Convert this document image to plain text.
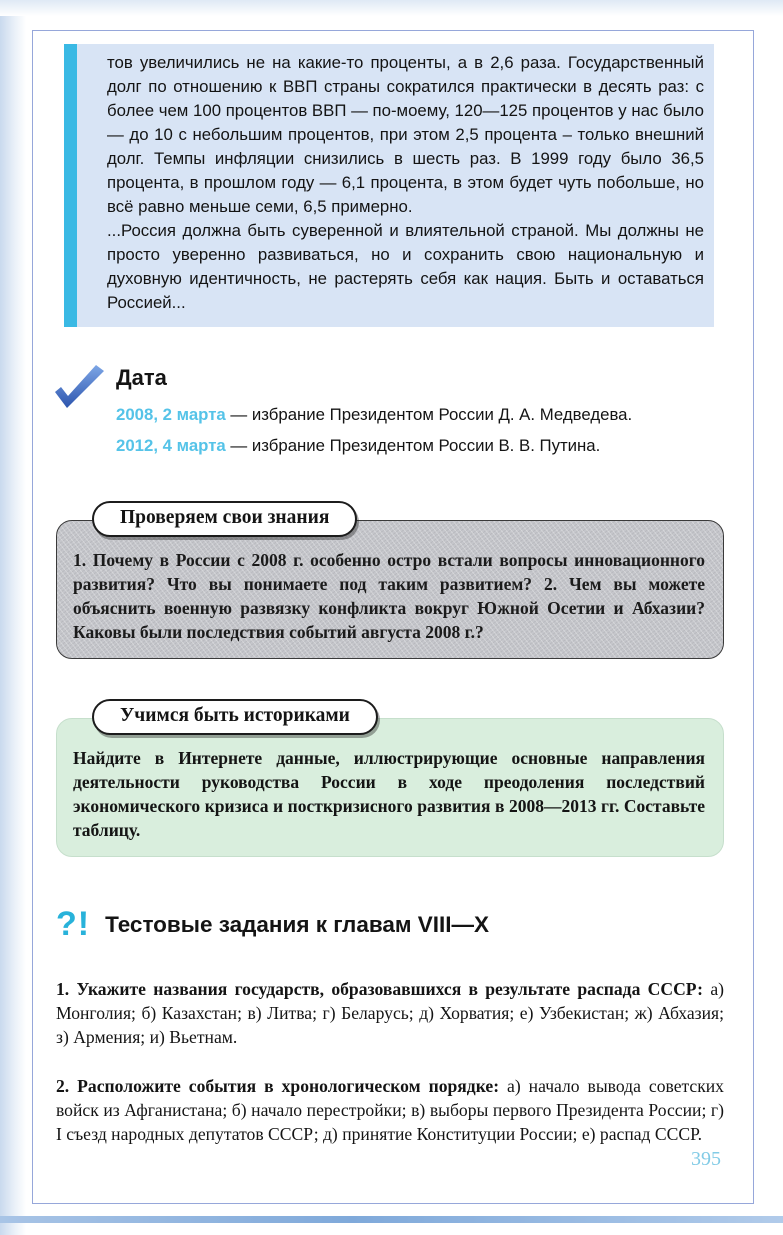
тов увеличились не на какие-то проценты, а в 2,6 раза. Государственный долг по отношению к ВВП страны сократился практически в десять раз: с более чем 100 процентов ВВП — по-моему, 120—125 процентов у нас было — до 10 с небольшим процентов, при этом 2,5 процента – только внешний долг. Темпы инфляции снизились в шесть раз. В 1999 году было 36,5 процента, в прошлом году — 6,1 процента, в этом будет чуть побольше, но всё равно меньше семи, 6,5 примерно.

...Россия должна быть суверенной и влиятельной страной. Мы должны не просто уверенно развиваться, но и сохранить свою национальную и духовную идентичность, не растерять себя как нация. Быть и оставаться Россией...

Дата

2008, 2 марта — избрание Президентом России Д. А. Медведева.

2012, 4 марта — избрание Президентом России В. В. Путина.

Проверяем свои знания
1. Почему в России с 2008 г. особенно остро встали вопросы инновационного развития? Что вы понимаете под таким развитием? 2. Чем вы можете объяснить военную развязку конфликта вокруг Южной Осетии и Абхазии? Каковы были последствия событий августа 2008 г.?
Учимся быть историками
Найдите в Интернете данные, иллюстрирующие основные направления деятельности руководства России в ходе преодоления последствий экономического кризиса и посткризисного развития в 2008—2013 гг. Составьте таблицу.
?! Тестовые задания к главам VIII—X

1. Укажите названия государств, образовавшихся в результате распада СССР: а) Монголия; б) Казахстан; в) Литва; г) Беларусь; д) Хорватия; е) Узбекистан; ж) Абхазия; з) Армения; и) Вьетнам.

2. Расположите события в хронологическом порядке: а) начало вывода советских войск из Афганистана; б) начало перестройки; в) выборы первого Президента России; г) I съезд народных депутатов СССР; д) принятие Конституции России; е) распад СССР.

395
